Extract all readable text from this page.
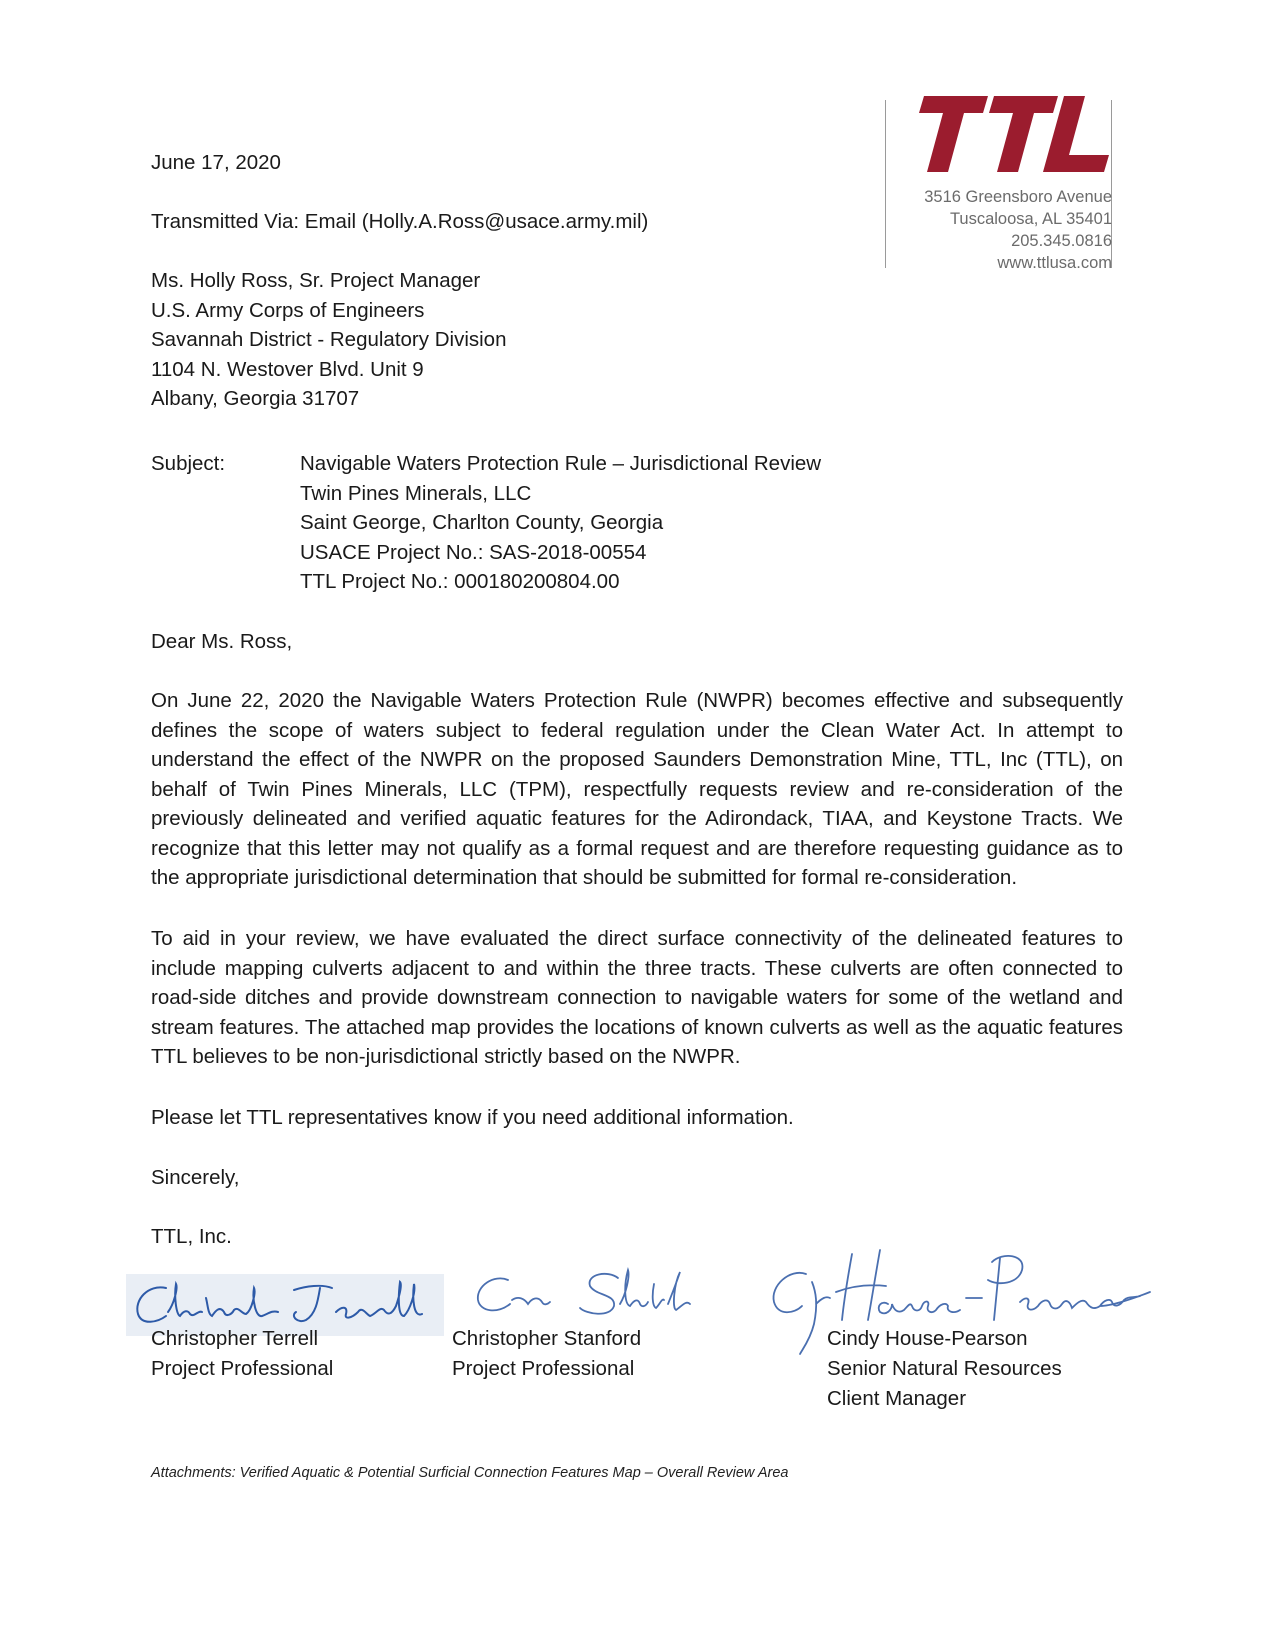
3516 Greensboro Avenue
Tuscaloosa, AL 35401
205.345.0816
www.ttlusa.com

June 17, 2020

Transmitted Via: Email (Holly.A.Ross@usace.army.mil)

Ms. Holly Ross, Sr. Project Manager

U.S. Army Corps of Engineers

Savannah District - Regulatory Division

1104 N. Westover Blvd. Unit 9

Albany, Georgia 31707

Subject:	Navigable Waters Protection Rule – Jurisdictional Review

Twin Pines Minerals, LLC

Saint George, Charlton County, Georgia

USACE Project No.: SAS-2018-00554

TTL Project No.: 000180200804.00

Dear Ms. Ross,

On June 22, 2020 the Navigable Waters Protection Rule (NWPR) becomes effective and subsequently defines the scope of waters subject to federal regulation under the Clean Water Act. In attempt to understand the effect of the NWPR on the proposed Saunders Demonstration Mine, TTL, Inc (TTL), on behalf of Twin Pines Minerals, LLC (TPM), respectfully requests review and re-consideration of the previously delineated and verified aquatic features for the Adirondack, TIAA, and Keystone Tracts. We recognize that this letter may not qualify as a formal request and are therefore requesting guidance as to the appropriate jurisdictional determination that should be submitted for formal re-consideration.

To aid in your review, we have evaluated the direct surface connectivity of the delineated features to include mapping culverts adjacent to and within the three tracts. These culverts are often connected to road-side ditches and provide downstream connection to navigable waters for some of the wetland and stream features. The attached map provides the locations of known culverts as well as the aquatic features TTL believes to be non-jurisdictional strictly based on the NWPR.

Please let TTL representatives know if you need additional information.

Sincerely,

TTL, Inc.

Christopher Terrell

Project Professional

Christopher Stanford

Project Professional

Cindy House-Pearson

Senior Natural Resources

Client Manager

Attachments: Verified Aquatic & Potential Surficial Connection Features Map – Overall Review Area
